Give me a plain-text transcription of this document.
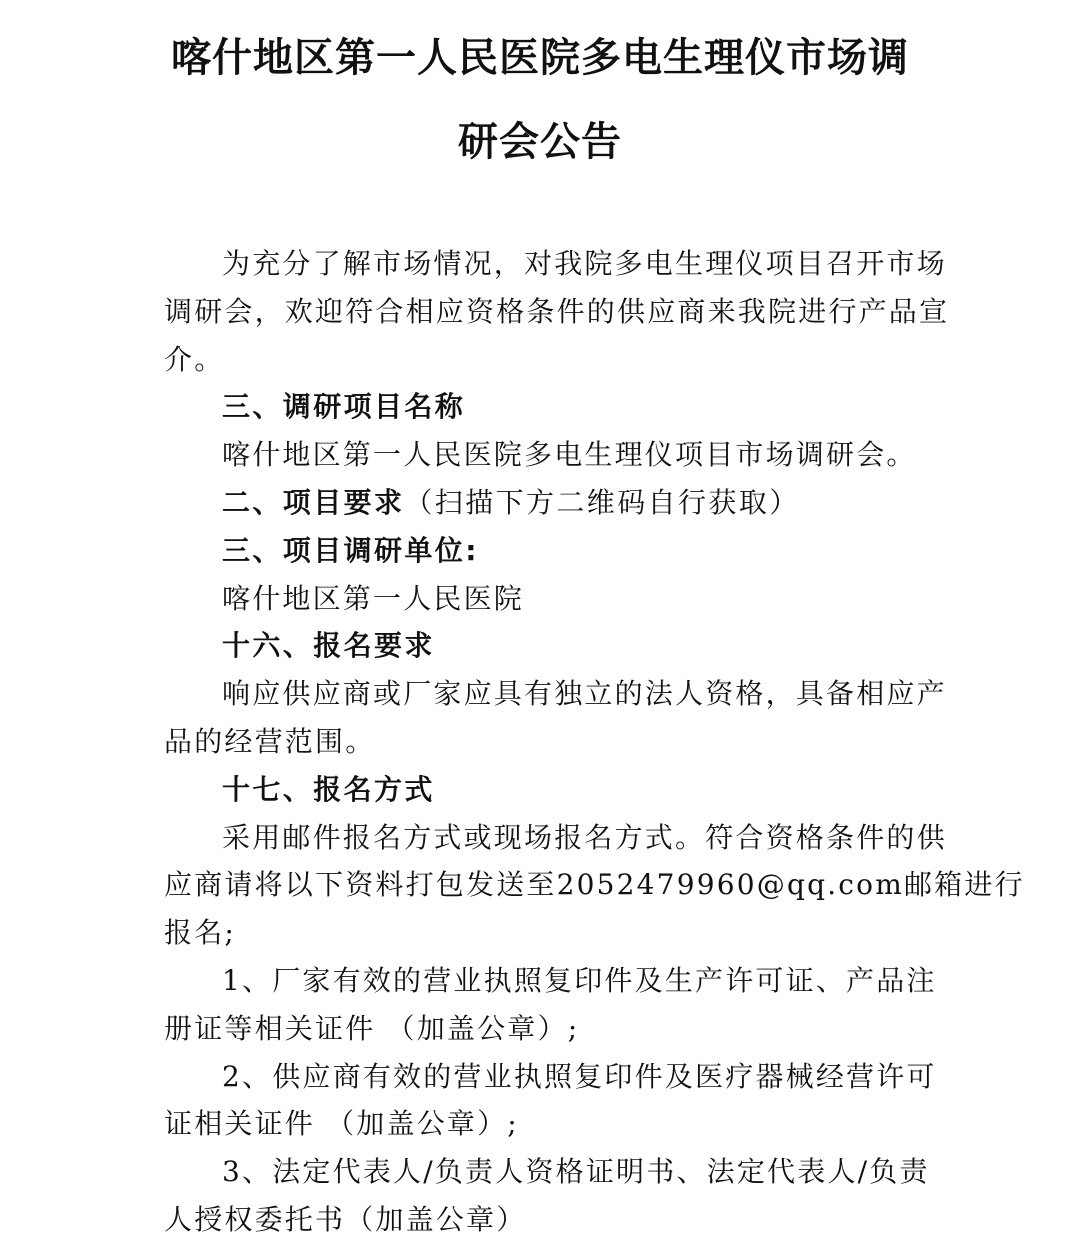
喀什地区第一人民医院多电生理仪市场调
研会公告
为充分了解市场情况，对我院多电生理仪项目召开市场
调研会，欢迎符合相应资格条件的供应商来我院进行产品宣
介。
三、调研项目名称
喀什地区第一人民医院多电生理仪项目市场调研会。
二、项目要求（扫描下方二维码自行获取）
三、项目调研单位:
喀什地区第一人民医院
十六、报名要求
响应供应商或厂家应具有独立的法人资格，具备相应产
品的经营范围。
十七、报名方式
采用邮件报名方式或现场报名方式。符合资格条件的供
应商请将以下资料打包发送至2052479960@qq.com邮箱进行
报名;
1、厂家有效的营业执照复印件及生产许可证、产品注
册证等相关证件 （加盖公章）;
2、供应商有效的营业执照复印件及医疗器械经营许可
证相关证件 （加盖公章）;
3、法定代表人/负责人资格证明书、法定代表人/负责
人授权委托书（加盖公章）
